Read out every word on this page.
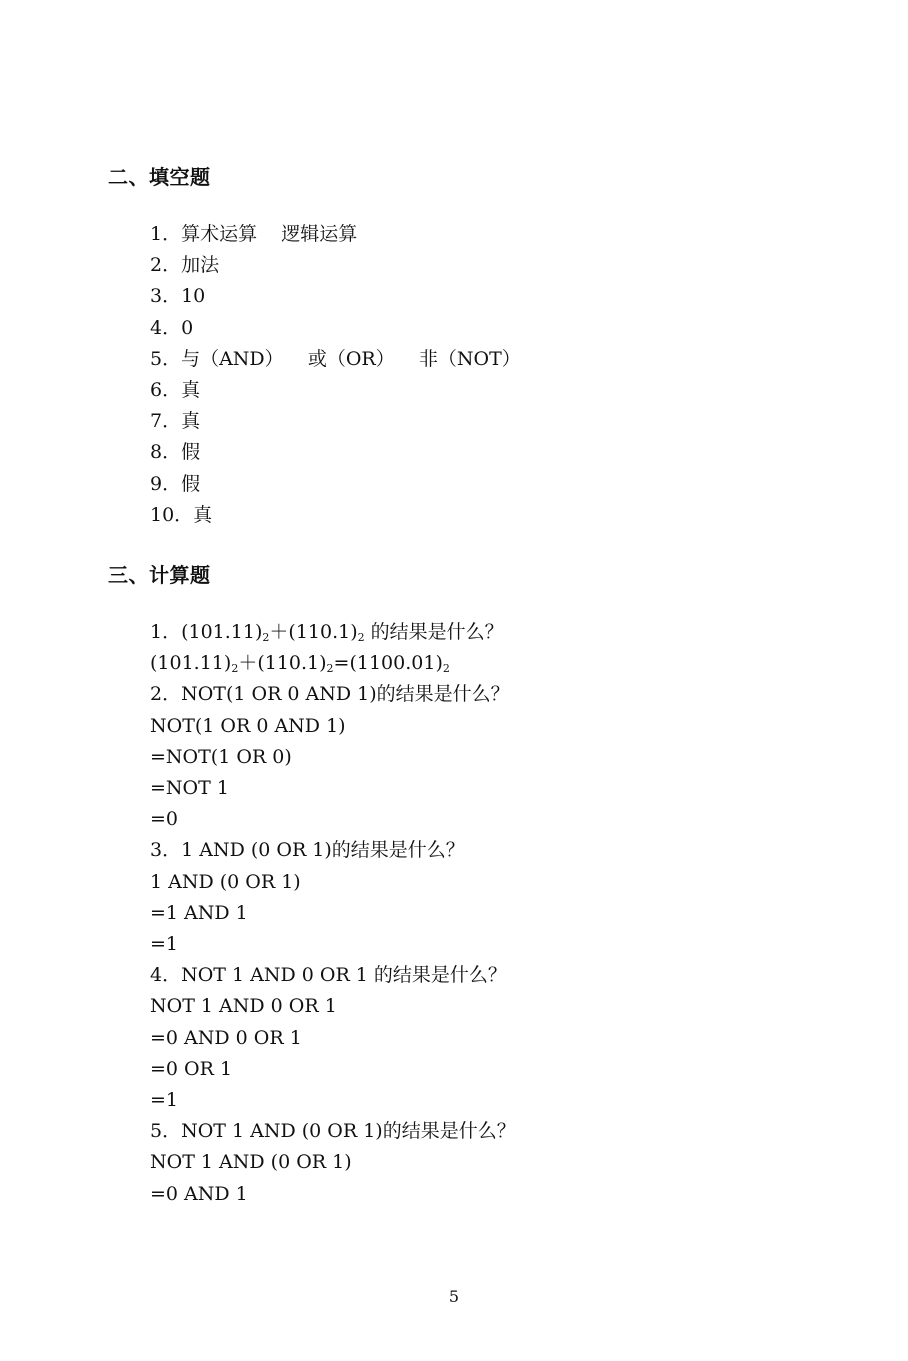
二、填空题
1．算术运算    逻辑运算
2．加法
3．10
4．0
5．与（AND）    或（OR）    非（NOT）
6．真
7．真
8．假
9．假
10．真
三、计算题
1．$(101.11)_2+(110.1)_2$ 的结果是什么？
$(101.11)_2+(110.1)_2=(1100.01)_2$
2．NOT(1 OR 0 AND 1)的结果是什么？
NOT(1 OR 0 AND 1)
=NOT(1 OR 0)
=NOT 1
=0
3．1 AND (0 OR 1)的结果是什么？
1 AND (0 OR 1)
=1 AND 1
=1
4．NOT 1 AND 0 OR 1 的结果是什么？
NOT 1 AND 0 OR 1
=0 AND 0 OR 1
=0 OR 1
=1
5．NOT 1 AND (0 OR 1)的结果是什么？
NOT 1 AND (0 OR 1)
=0 AND 1
5
